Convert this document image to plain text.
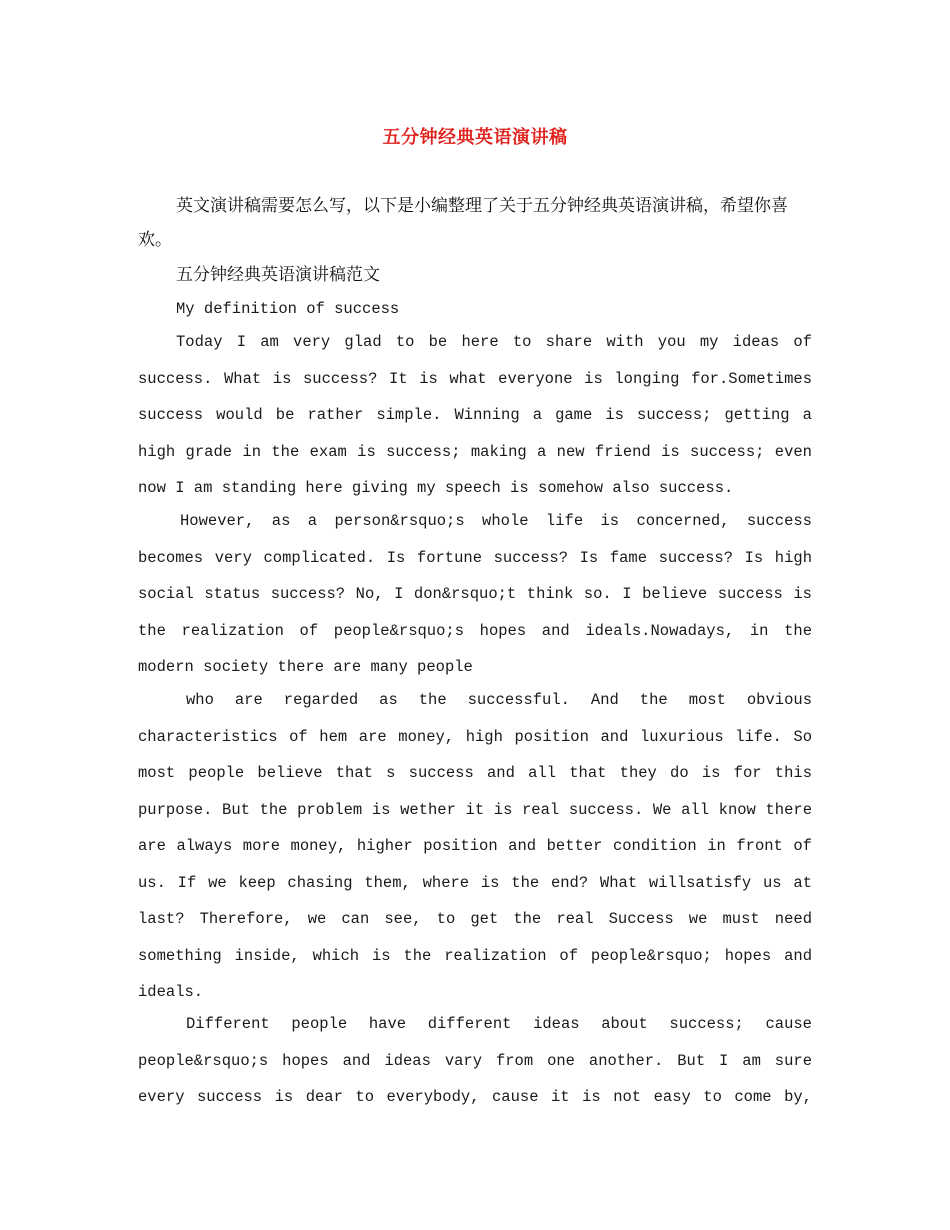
五分钟经典英语演讲稿
英文演讲稿需要怎么写，以下是小编整理了关于五分钟经典英语演讲稿，希望你喜欢。
五分钟经典英语演讲稿范文
My definition of success
Today I am very glad to be here to share with you my ideas of success. What is success? It is what everyone is longing for.Sometimes success would be rather simple. Winning a game is success; getting a high grade in the exam is success; making a new friend is success; even now I am standing here giving my speech is somehow also success.
However, as a person&rsquo;s whole life is concerned, success becomes very complicated. Is fortune success? Is fame success? Is high social status success? No, I don&rsquo;t think so. I believe success is the realization of people&rsquo;s hopes and ideals.Nowadays, in the modern society there are many people
who are regarded as the successful. And the most obvious characteristics of hem are money, high position and luxurious life. So most people believe that s success and all that they do is for this purpose. But the problem is wether it is real success. We all know there are always more money, higher position and better condition in front of us. If we keep chasing them, where is the end? What willsatisfy us at last? Therefore, we can see, to get the real Success we must need something inside, which is the realization of people&rsquo; hopes and ideals.
Different people have different ideas about success; cause people&rsquo;s hopes and ideas vary from one another. But I am sure every success is dear to everybody, cause it is not easy to come by,
